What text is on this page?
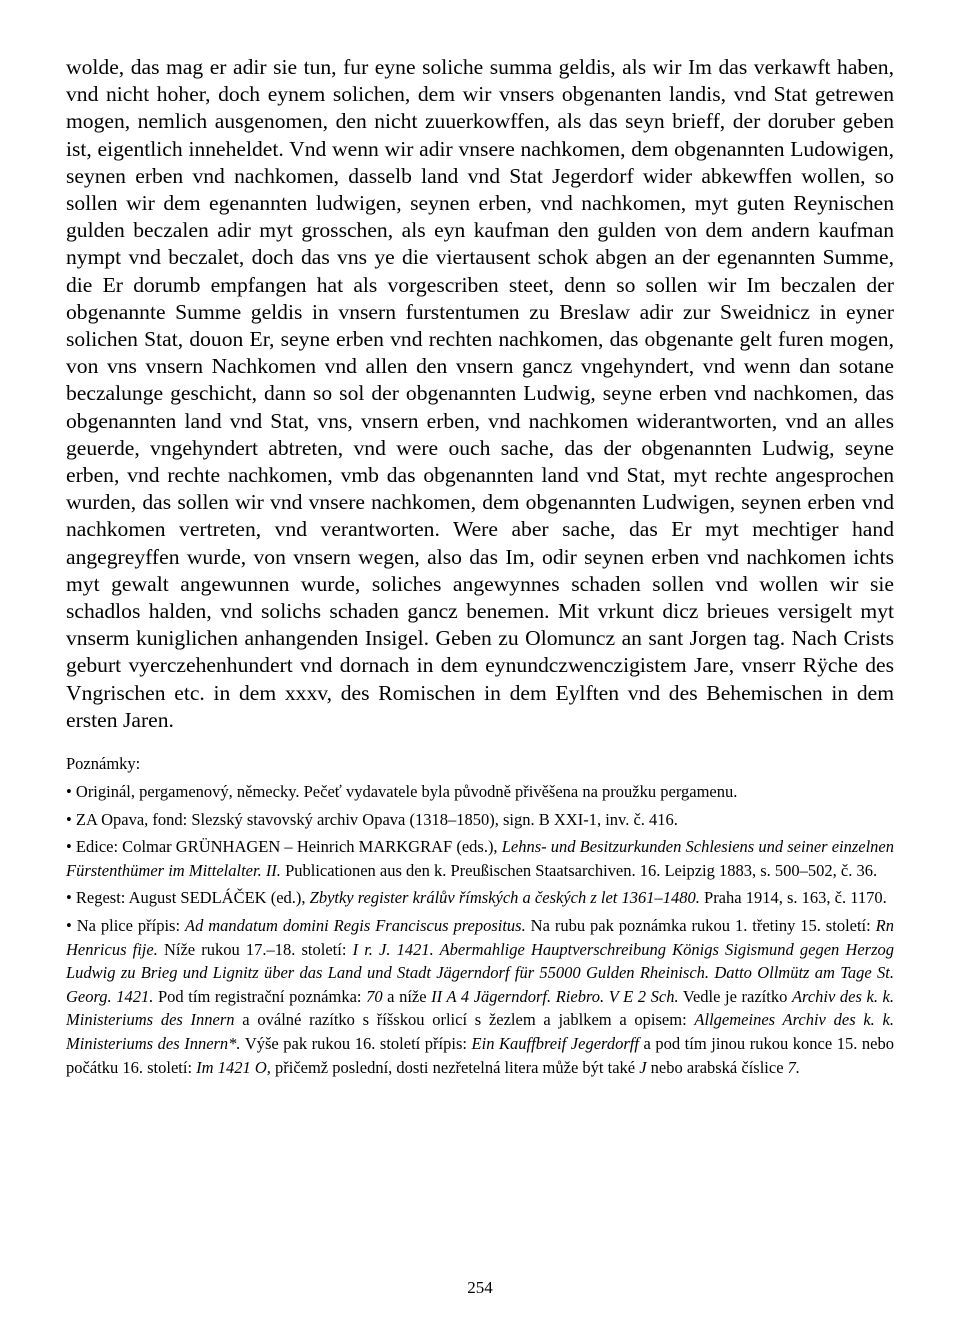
wolde, das mag er adir sie tun, fur eyne soliche summa geldis, als wir Im das verkawft haben, vnd nicht hoher, doch eynem solichen, dem wir vnsers obgenanten landis, vnd Stat getrewen mogen, nemlich ausgenomen, den nicht zuuerkowffen, als das seyn brieff, der doruber geben ist, eigentlich inneheldet. Vnd wenn wir adir vnsere nachkomen, dem obgenannten Ludowigen, seynen erben vnd nachkomen, dasselb land vnd Stat Jegerdorf wider abkewffen wollen, so sollen wir dem egenannten ludwigen, seynen erben, vnd nachkomen, myt guten Reynischen gulden beczalen adir myt grosschen, als eyn kaufman den gulden von dem andern kaufman nympt vnd beczalet, doch das vns ye die viertausent schok abgen an der egenannten Summe, die Er dorumb empfangen hat als vorgescriben steet, denn so sollen wir Im beczalen der obgenannte Summe geldis in vnsern furstentumen zu Breslaw adir zur Sweidnicz in eyner solichen Stat, douon Er, seyne erben vnd rechten nachkomen, das obgenante gelt furen mogen, von vns vnsern Nachkomen vnd allen den vnsern gancz vngehyndert, vnd wenn dan sotane beczalunge geschicht, dann so sol der obgenannten Ludwig, seyne erben vnd nachkomen, das obgenannten land vnd Stat, vns, vnsern erben, vnd nachkomen widerantworten, vnd an alles geuerde, vngehyndert abtreten, vnd were ouch sache, das der obgenannten Ludwig, seyne erben, vnd rechte nachkomen, vmb das obgenannten land vnd Stat, myt rechte angesprochen wurden, das sollen wir vnd vnsere nachkomen, dem obgenannten Ludwigen, seynen erben vnd nachkomen vertreten, vnd verantworten. Were aber sache, das Er myt mechtiger hand angegreyffen wurde, von vnsern wegen, also das Im, odir seynen erben vnd nachkomen ichts myt gewalt angewunnen wurde, soliches angewynnes schaden sollen vnd wollen wir sie schadlos halden, vnd solichs schaden gancz benemen. Mit vrkunt dicz brieues versigelt myt vnserm kuniglichen anhangenden Insigel. Geben zu Olomuncz an sant Jorgen tag. Nach Crists geburt vyerczehenhundert vnd dornach in dem eynundczwenczigistem Jare, vnserr Rÿche des Vngrischen etc. in dem xxxv, des Romischen in dem Eylften vnd des Behemischen in dem ersten Jaren.

Poznámky:

• Originál, pergamenový, německy. Pečeť vydavatele byla původně přivěšena na proužku pergamenu.

• ZA Opava, fond: Slezský stavovský archiv Opava (1318–1850), sign. B XXI-1, inv. č. 416.

• Edice: Colmar GRÜNHAGEN – Heinrich MARKGRAF (eds.), Lehns- und Besitzurkunden Schlesiens und seiner einzelnen Fürstenthümer im Mittelalter. II. Publicationen aus den k. Preußischen Staatsarchiven. 16. Leipzig 1883, s. 500–502, č. 36.

• Regest: August SEDLÁČEK (ed.), Zbytky register králův římských a českých z let 1361–1480. Praha 1914, s. 163, č. 1170.

• Na plice přípis: Ad mandatum domini Regis Franciscus prepositus. Na rubu pak poznámka rukou 1. třetiny 15. století: Rn Henricus fije. Níže rukou 17.–18. století: I r. J. 1421. Abermahlige Hauptverschreibung Königs Sigismund gegen Herzog Ludwig zu Brieg und Lignitz über das Land und Stadt Jägerndorf für 55000 Gulden Rheinisch. Datto Ollmütz am Tage St. Georg. 1421. Pod tím registrační poznámka: 70 a níže II A 4 Jägerndorf. Riebro. V E 2 Sch. Vedle je razítko Archiv des k. k. Ministeriums des Innern a oválné razítko s říšskou orlicí s žezlem a jablkem a opisem: Allgemeines Archiv des k. k. Ministeriums des Innern*. Výše pak rukou 16. století přípis: Ein Kauffbreif Jegerdorff a pod tím jinou rukou konce 15. nebo počátku 16. století: Im 1421 O, přičemž poslední, dosti nezřetelná litera může být také J nebo arabská číslice 7.

254
